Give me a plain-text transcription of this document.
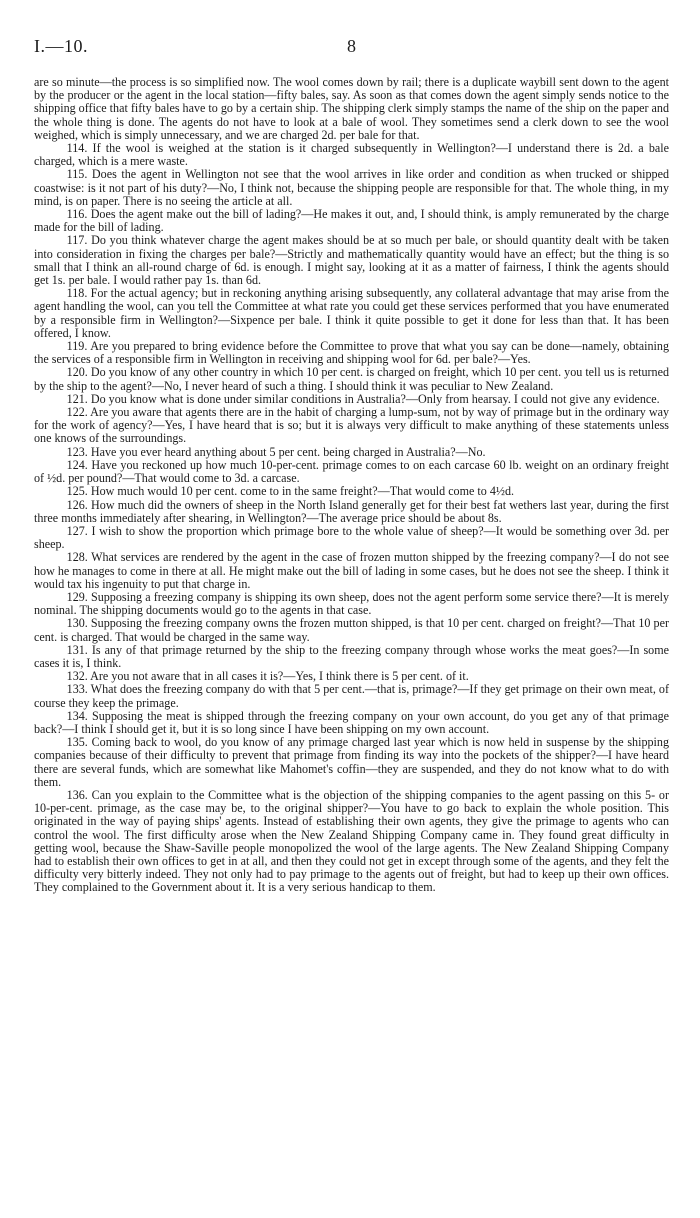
I.—10.	8

are so minute—the process is so simplified now. The wool comes down by rail; there is a duplicate waybill sent down to the agent by the producer or the agent in the local station—fifty bales, say. As soon as that comes down the agent simply sends notice to the shipping office that fifty bales have to go by a certain ship. The shipping clerk simply stamps the name of the ship on the paper and the whole thing is done. The agents do not have to look at a bale of wool. They sometimes send a clerk down to see the wool weighed, which is simply unnecessary, and we are charged 2d. per bale for that.

114. If the wool is weighed at the station is it charged subsequently in Wellington?—I understand there is 2d. a bale charged, which is a mere waste.

115. Does the agent in Wellington not see that the wool arrives in like order and condition as when trucked or shipped coastwise: is it not part of his duty?—No, I think not, because the shipping people are responsible for that. The whole thing, in my mind, is on paper. There is no seeing the article at all.

116. Does the agent make out the bill of lading?—He makes it out, and, I should think, is amply remunerated by the charge made for the bill of lading.

117. Do you think whatever charge the agent makes should be at so much per bale, or should quantity dealt with be taken into consideration in fixing the charges per bale?—Strictly and mathematically quantity would have an effect; but the thing is so small that I think an all-round charge of 6d. is enough. I might say, looking at it as a matter of fairness, I think the agents should get 1s. per bale. I would rather pay 1s. than 6d.

118. For the actual agency; but in reckoning anything arising subsequently, any collateral advantage that may arise from the agent handling the wool, can you tell the Committee at what rate you could get these services performed that you have enumerated by a responsible firm in Wellington?—Sixpence per bale. I think it quite possible to get it done for less than that. It has been offered, I know.

119. Are you prepared to bring evidence before the Committee to prove that what you say can be done—namely, obtaining the services of a responsible firm in Wellington in receiving and shipping wool for 6d. per bale?—Yes.

120. Do you know of any other country in which 10 per cent. is charged on freight, which 10 per cent. you tell us is returned by the ship to the agent?—No, I never heard of such a thing. I should think it was peculiar to New Zealand.

121. Do you know what is done under similar conditions in Australia?—Only from hearsay. I could not give any evidence.

122. Are you aware that agents there are in the habit of charging a lump-sum, not by way of primage but in the ordinary way for the work of agency?—Yes, I have heard that is so; but it is always very difficult to make anything of these statements unless one knows of the surroundings.

123. Have you ever heard anything about 5 per cent. being charged in Australia?—No.

124. Have you reckoned up how much 10-per-cent. primage comes to on each carcase 60 lb. weight on an ordinary freight of ½d. per pound?—That would come to 3d. a carcase.

125. How much would 10 per cent. come to in the same freight?—That would come to 4½d.

126. How much did the owners of sheep in the North Island generally get for their best fat wethers last year, during the first three months immediately after shearing, in Wellington?—The average price should be about 8s.

127. I wish to show the proportion which primage bore to the whole value of sheep?—It would be something over 3d. per sheep.

128. What services are rendered by the agent in the case of frozen mutton shipped by the freezing company?—I do not see how he manages to come in there at all. He might make out the bill of lading in some cases, but he does not see the sheep. I think it would tax his ingenuity to put that charge in.

129. Supposing a freezing company is shipping its own sheep, does not the agent perform some service there?—It is merely nominal. The shipping documents would go to the agents in that case.

130. Supposing the freezing company owns the frozen mutton shipped, is that 10 per cent. charged on freight?—That 10 per cent. is charged. That would be charged in the same way.

131. Is any of that primage returned by the ship to the freezing company through whose works the meat goes?—In some cases it is, I think.

132. Are you not aware that in all cases it is?—Yes, I think there is 5 per cent. of it.

133. What does the freezing company do with that 5 per cent.—that is, primage?—If they get primage on their own meat, of course they keep the primage.

134. Supposing the meat is shipped through the freezing company on your own account, do you get any of that primage back?—I think I should get it, but it is so long since I have been shipping on my own account.

135. Coming back to wool, do you know of any primage charged last year which is now held in suspense by the shipping companies because of their difficulty to prevent that primage from finding its way into the pockets of the shipper?—I have heard there are several funds, which are somewhat like Mahomet's coffin—they are suspended, and they do not know what to do with them.

136. Can you explain to the Committee what is the objection of the shipping companies to the agent passing on this 5- or 10-per-cent. primage, as the case may be, to the original shipper?—You have to go back to explain the whole position. This originated in the way of paying ships' agents. Instead of establishing their own agents, they give the primage to agents who can control the wool. The first difficulty arose when the New Zealand Shipping Company came in. They found great difficulty in getting wool, because the Shaw-Saville people monopolized the wool of the large agents. The New Zealand Shipping Company had to establish their own offices to get in at all, and then they could not get in except through some of the agents, and they felt the difficulty very bitterly indeed. They not only had to pay primage to the agents out of freight, but had to keep up their own offices. They complained to the Government about it. It is a very serious handicap to them.
